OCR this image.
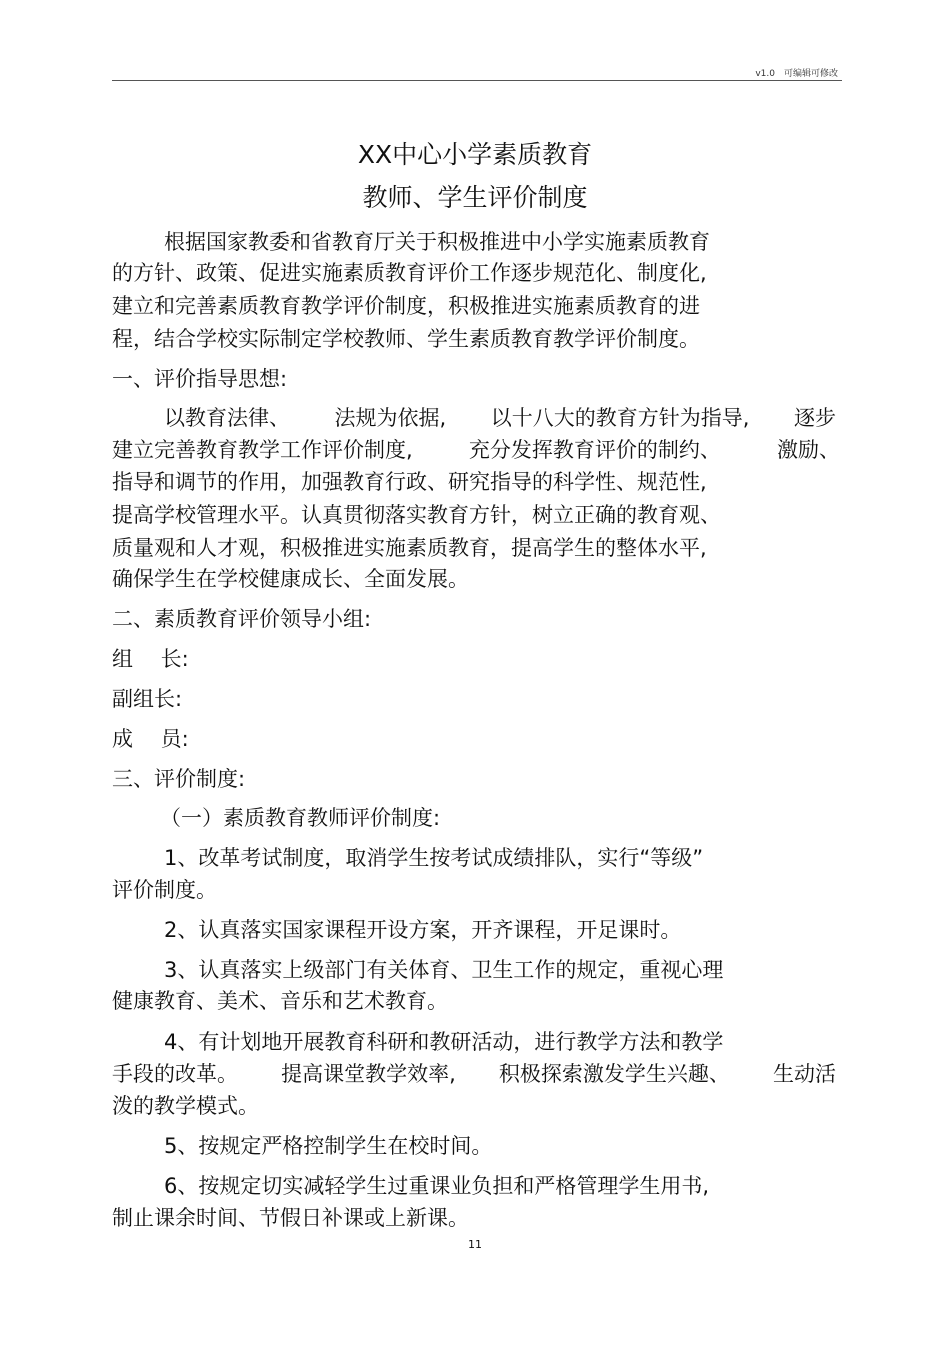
v1.0　可编辑可修改
XX中心小学素质教育
教师、学生评价制度
根据国家教委和省教育厅关于积极推进中小学实施素质教育
的方针、政策、促进实施素质教育评价工作逐步规范化、制度化,
建立和完善素质教育教学评价制度，积极推进实施素质教育的进
程，结合学校实际制定学校教师、学生素质教育教学评价制度。
一、评价指导思想:
以教育法律、 法规为依据, 以十八大的教育方针为指导, 逐步
建立完善教育教学工作评价制度,	充分发挥教育评价的制约、	激励、
指导和调节的作用，加强教育行政、研究指导的科学性、规范性,
提高学校管理水平。认真贯彻落实教育方针，树立正确的教育观、
质量观和人才观，积极推进实施素质教育，提高学生的整体水平,
确保学生在学校健康成长、全面发展。
二、素质教育评价领导小组:
组　 长:
副组长:
成　 员:
三、评价制度:
（一）素质教育教师评价制度:
1、改革考试制度，取消学生按考试成绩排队，实行“等级”
评价制度。
2、认真落实国家课程开设方案，开齐课程，开足课时。
3、认真落实上级部门有关体育、卫生工作的规定，重视心理
健康教育、美术、音乐和艺术教育。
4、有计划地开展教育科研和教研活动，进行教学方法和教学
手段的改革。 提高课堂教学效率, 积极探索激发学生兴趣、 生动活
泼的教学模式。
5、按规定严格控制学生在校时间。
6、按规定切实减轻学生过重课业负担和严格管理学生用书,
制止课余时间、节假日补课或上新课。
11
